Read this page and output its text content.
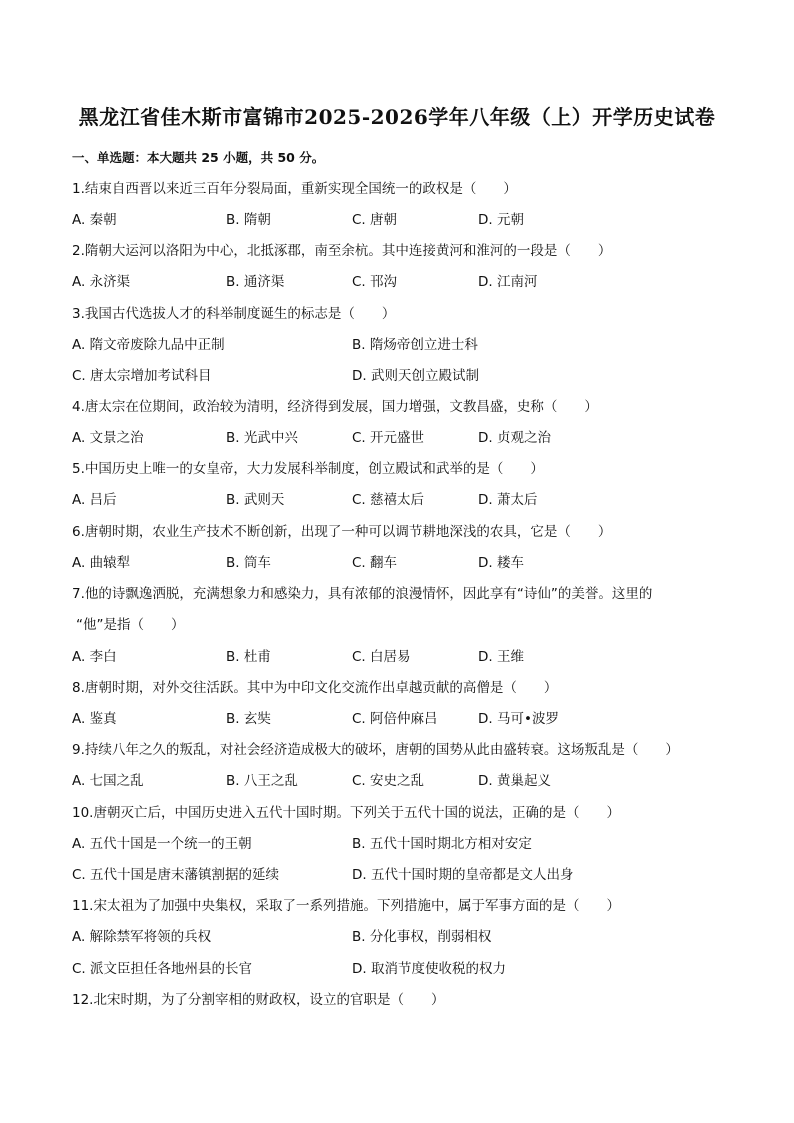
黑龙江省佳木斯市富锦市2025-2026学年八年级（上）开学历史试卷
一、单选题：本大题共 25 小题，共 50 分。
1.结束自西晋以来近三百年分裂局面，重新实现全国统一的政权是（　　）
A. 秦朝	B. 隋朝	C. 唐朝	D. 元朝
2.隋朝大运河以洛阳为中心，北抵涿郡，南至余杭。其中连接黄河和淮河的一段是（　　）
A. 永济渠	B. 通济渠	C. 邗沟	D. 江南河
3.我国古代选拔人才的科举制度诞生的标志是（　　）
A. 隋文帝废除九品中正制	B. 隋炀帝创立进士科
C. 唐太宗增加考试科目	D. 武则天创立殿试制
4.唐太宗在位期间，政治较为清明，经济得到发展，国力增强，文教昌盛，史称（　　）
A. 文景之治	B. 光武中兴	C. 开元盛世	D. 贞观之治
5.中国历史上唯一的女皇帝，大力发展科举制度，创立殿试和武举的是（　　）
A. 吕后	B. 武则天	C. 慈禧太后	D. 萧太后
6.唐朝时期，农业生产技术不断创新，出现了一种可以调节耕地深浅的农具，它是（　　）
A. 曲辕犁	B. 筒车	C. 翻车	D. 耧车
7.他的诗飘逸洒脱，充满想象力和感染力，具有浓郁的浪漫情怀，因此享有“诗仙”的美誉。这里的
“他”是指（　　）
A. 李白	B. 杜甫	C. 白居易	D. 王维
8.唐朝时期，对外交往活跃。其中为中印文化交流作出卓越贡献的高僧是（　　）
A. 鉴真	B. 玄奘	C. 阿倍仲麻吕	D. 马可•波罗
9.持续八年之久的叛乱，对社会经济造成极大的破坏，唐朝的国势从此由盛转衰。这场叛乱是（　　）
A. 七国之乱	B. 八王之乱	C. 安史之乱	D. 黄巢起义
10.唐朝灭亡后，中国历史进入五代十国时期。下列关于五代十国的说法，正确的是（　　）
A. 五代十国是一个统一的王朝	B. 五代十国时期北方相对安定
C. 五代十国是唐末藩镇割据的延续	D. 五代十国时期的皇帝都是文人出身
11.宋太祖为了加强中央集权，采取了一系列措施。下列措施中，属于军事方面的是（　　）
A. 解除禁军将领的兵权	B. 分化事权，削弱相权
C. 派文臣担任各地州县的长官	D. 取消节度使收税的权力
12.北宋时期，为了分割宰相的财政权，设立的官职是（　　）
